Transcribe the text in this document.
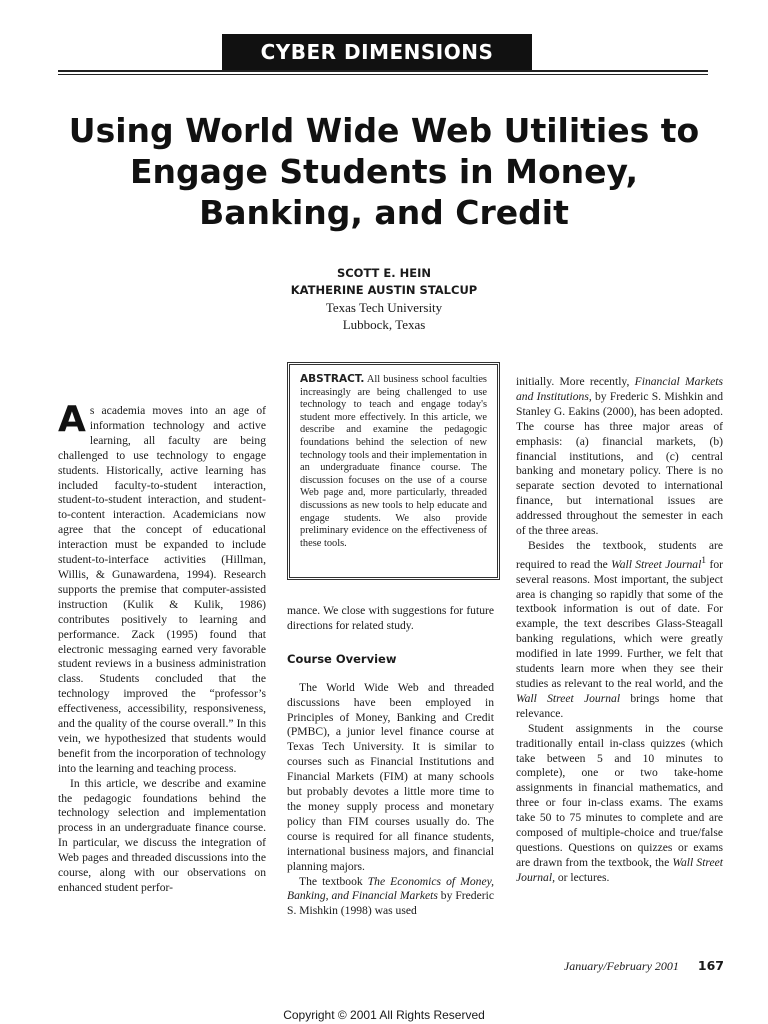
CYBER DIMENSIONS
Using World Wide Web Utilities to
Engage Students in Money,
Banking, and Credit
SCOTT E. HEIN
KATHERINE AUSTIN STALCUP
Texas Tech University
Lubbock, Texas

As academia moves into an age of information technology and active learning, all faculty are being challenged to use technology to engage students. Historically, active learning has included faculty-to-student interaction, student-to-student interaction, and student-to-content interaction. Academicians now agree that the concept of educational interaction must be expanded to include student-to-interface activities (Hillman, Willis, & Gunawardena, 1994). Research supports the premise that computer-assisted instruction (Kulik & Kulik, 1986) contributes positively to learning and performance. Zack (1995) found that electronic messaging earned very favorable student reviews in a business administration class. Students concluded that the technology improved the “professor’s effectiveness, accessibility, responsiveness, and the quality of the course overall.” In this vein, we hypothesized that students would benefit from the incorporation of technology into the learning and teaching process.

In this article, we describe and examine the pedagogic foundations behind the technology selection and implementation process in an undergraduate finance course. In particular, we discuss the integration of Web pages and threaded discussions into the course, along with our observations on enhanced student perfor-

ABSTRACT. All business school faculties increasingly are being challenged to use technology to teach and engage today's student more effectively. In this article, we describe and examine the pedagogic foundations behind the selection of new technology tools and their implementation in an undergraduate finance course. The discussion focuses on the use of a course Web page and, more particularly, threaded discussions as new tools to help educate and engage students. We also provide preliminary evidence on the effectiveness of these tools.

mance. We close with suggestions for future directions for related study.

Course Overview

The World Wide Web and threaded discussions have been employed in Principles of Money, Banking and Credit (PMBC), a junior level finance course at Texas Tech University. It is similar to courses such as Financial Institutions and Financial Markets (FIM) at many schools but probably devotes a little more time to the money supply process and monetary policy than FIM courses usually do. The course is required for all finance students, international business majors, and financial planning majors.

The textbook The Economics of Money, Banking, and Financial Markets by Frederic S. Mishkin (1998) was used

initially. More recently, Financial Markets and Institutions, by Frederic S. Mishkin and Stanley G. Eakins (2000), has been adopted. The course has three major areas of emphasis: (a) financial markets, (b) financial institutions, and (c) central banking and monetary policy. There is no separate section devoted to international finance, but international issues are addressed throughout the semester in each of the three areas.

Besides the textbook, students are required to read the Wall Street Journal$^1$ for several reasons. Most important, the subject area is changing so rapidly that some of the textbook information is out of date. For example, the text describes Glass-Steagall banking regulations, which were greatly modified in late 1999. Further, we felt that students learn more when they see their studies as relevant to the real world, and the Wall Street Journal brings home that relevance.

Student assignments in the course traditionally entail in-class quizzes (which take between 5 and 10 minutes to complete), one or two take-home assignments in financial mathematics, and three or four in-class exams. The exams take 50 to 75 minutes to complete and are composed of multiple-choice and true/false questions. Questions on quizzes or exams are drawn from the textbook, the Wall Street Journal, or lectures.

January/February 2001 167
Copyright © 2001 All Rights Reserved
